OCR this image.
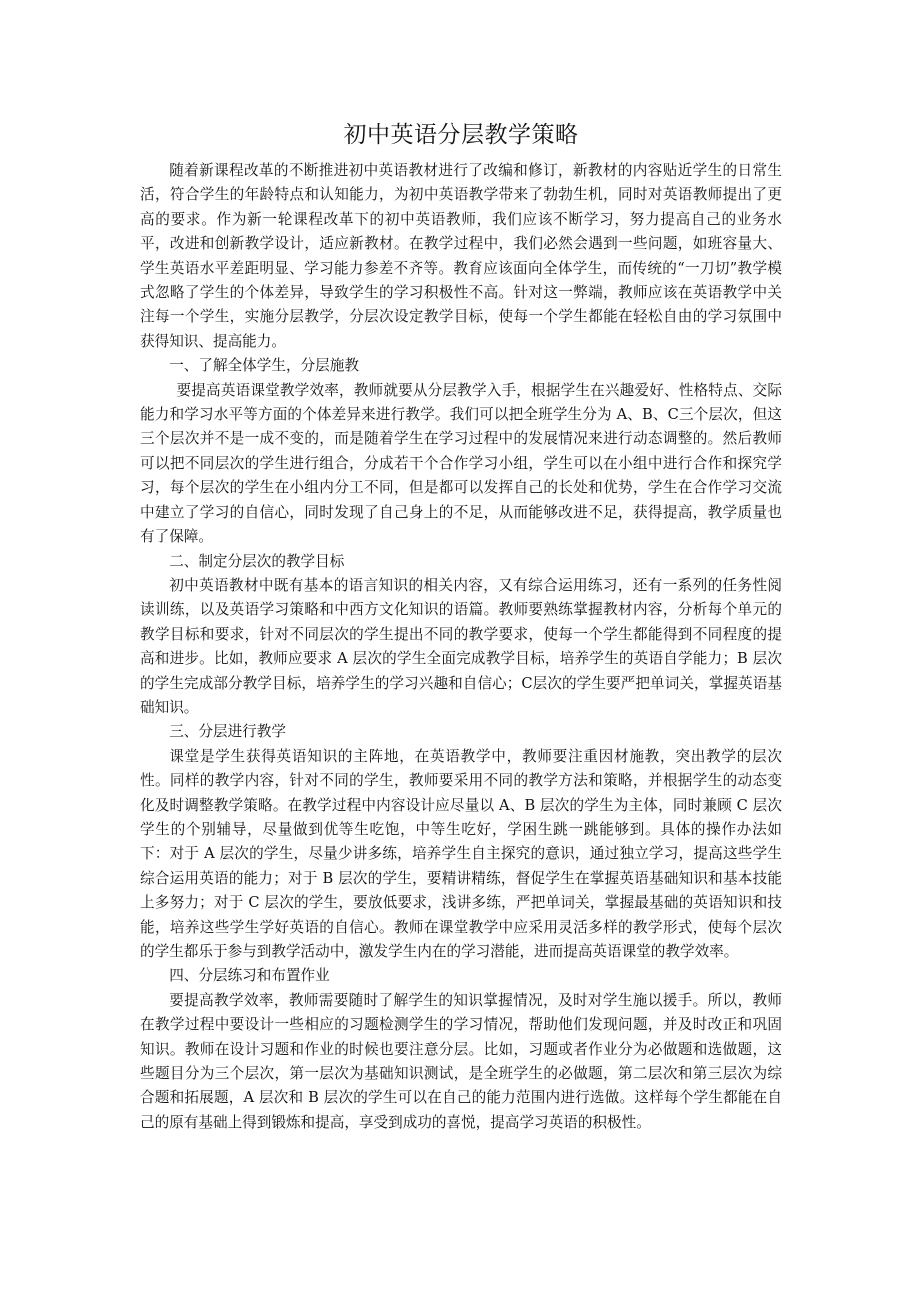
初中英语分层教学策略

随着新课程改革的不断推进初中英语教材进行了改编和修订，新教材的内容贴近学生的日常生活，符合学生的年龄特点和认知能力，为初中英语教学带来了勃勃生机，同时对英语教师提出了更高的要求。作为新一轮课程改革下的初中英语教师，我们应该不断学习，努力提高自己的业务水平，改进和创新教学设计，适应新教材。在教学过程中，我们必然会遇到一些问题，如班容量大、学生英语水平差距明显、学习能力参差不齐等。教育应该面向全体学生，而传统的“一刀切”教学模式忽略了学生的个体差异，导致学生的学习积极性不高。针对这一弊端，教师应该在英语教学中关注每一个学生，实施分层教学，分层次设定教学目标，使每一个学生都能在轻松自由的学习氛围中获得知识、提高能力。

一、了解全体学生，分层施教

要提高英语课堂教学效率，教师就要从分层教学入手，根据学生在兴趣爱好、性格特点、交际能力和学习水平等方面的个体差异来进行教学。我们可以把全班学生分为 A、B、C三个层次，但这三个层次并不是一成不变的，而是随着学生在学习过程中的发展情况来进行动态调整的。然后教师可以把不同层次的学生进行组合，分成若干个合作学习小组，学生可以在小组中进行合作和探究学习，每个层次的学生在小组内分工不同，但是都可以发挥自己的长处和优势，学生在合作学习交流中建立了学习的自信心，同时发现了自己身上的不足，从而能够改进不足，获得提高，教学质量也有了保障。

二、制定分层次的教学目标

初中英语教材中既有基本的语言知识的相关内容，又有综合运用练习，还有一系列的任务性阅读训练，以及英语学习策略和中西方文化知识的语篇。教师要熟练掌握教材内容，分析每个单元的教学目标和要求，针对不同层次的学生提出不同的教学要求，使每一个学生都能得到不同程度的提高和进步。比如，教师应要求 A 层次的学生全面完成教学目标，培养学生的英语自学能力；B 层次的学生完成部分教学目标，培养学生的学习兴趣和自信心；C层次的学生要严把单词关，掌握英语基础知识。

三、分层进行教学

课堂是学生获得英语知识的主阵地，在英语教学中，教师要注重因材施教，突出教学的层次性。同样的教学内容，针对不同的学生，教师要采用不同的教学方法和策略，并根据学生的动态变化及时调整教学策略。在教学过程中内容设计应尽量以 A、B 层次的学生为主体，同时兼顾 C 层次学生的个别辅导，尽量做到优等生吃饱，中等生吃好，学困生跳一跳能够到。具体的操作办法如下：对于 A 层次的学生，尽量少讲多练，培养学生自主探究的意识，通过独立学习，提高这些学生综合运用英语的能力；对于 B 层次的学生，要精讲精练，督促学生在掌握英语基础知识和基本技能上多努力；对于 C 层次的学生，要放低要求，浅讲多练，严把单词关，掌握最基础的英语知识和技能，培养这些学生学好英语的自信心。教师在课堂教学中应采用灵活多样的教学形式，使每个层次的学生都乐于参与到教学活动中，激发学生内在的学习潜能，进而提高英语课堂的教学效率。

四、分层练习和布置作业

要提高教学效率，教师需要随时了解学生的知识掌握情况，及时对学生施以援手。所以，教师在教学过程中要设计一些相应的习题检测学生的学习情况，帮助他们发现问题，并及时改正和巩固知识。教师在设计习题和作业的时候也要注意分层。比如，习题或者作业分为必做题和选做题，这些题目分为三个层次，第一层次为基础知识测试，是全班学生的必做题，第二层次和第三层次为综合题和拓展题，A 层次和 B 层次的学生可以在自己的能力范围内进行选做。这样每个学生都能在自己的原有基础上得到锻炼和提高，享受到成功的喜悦，提高学习英语的积极性。
